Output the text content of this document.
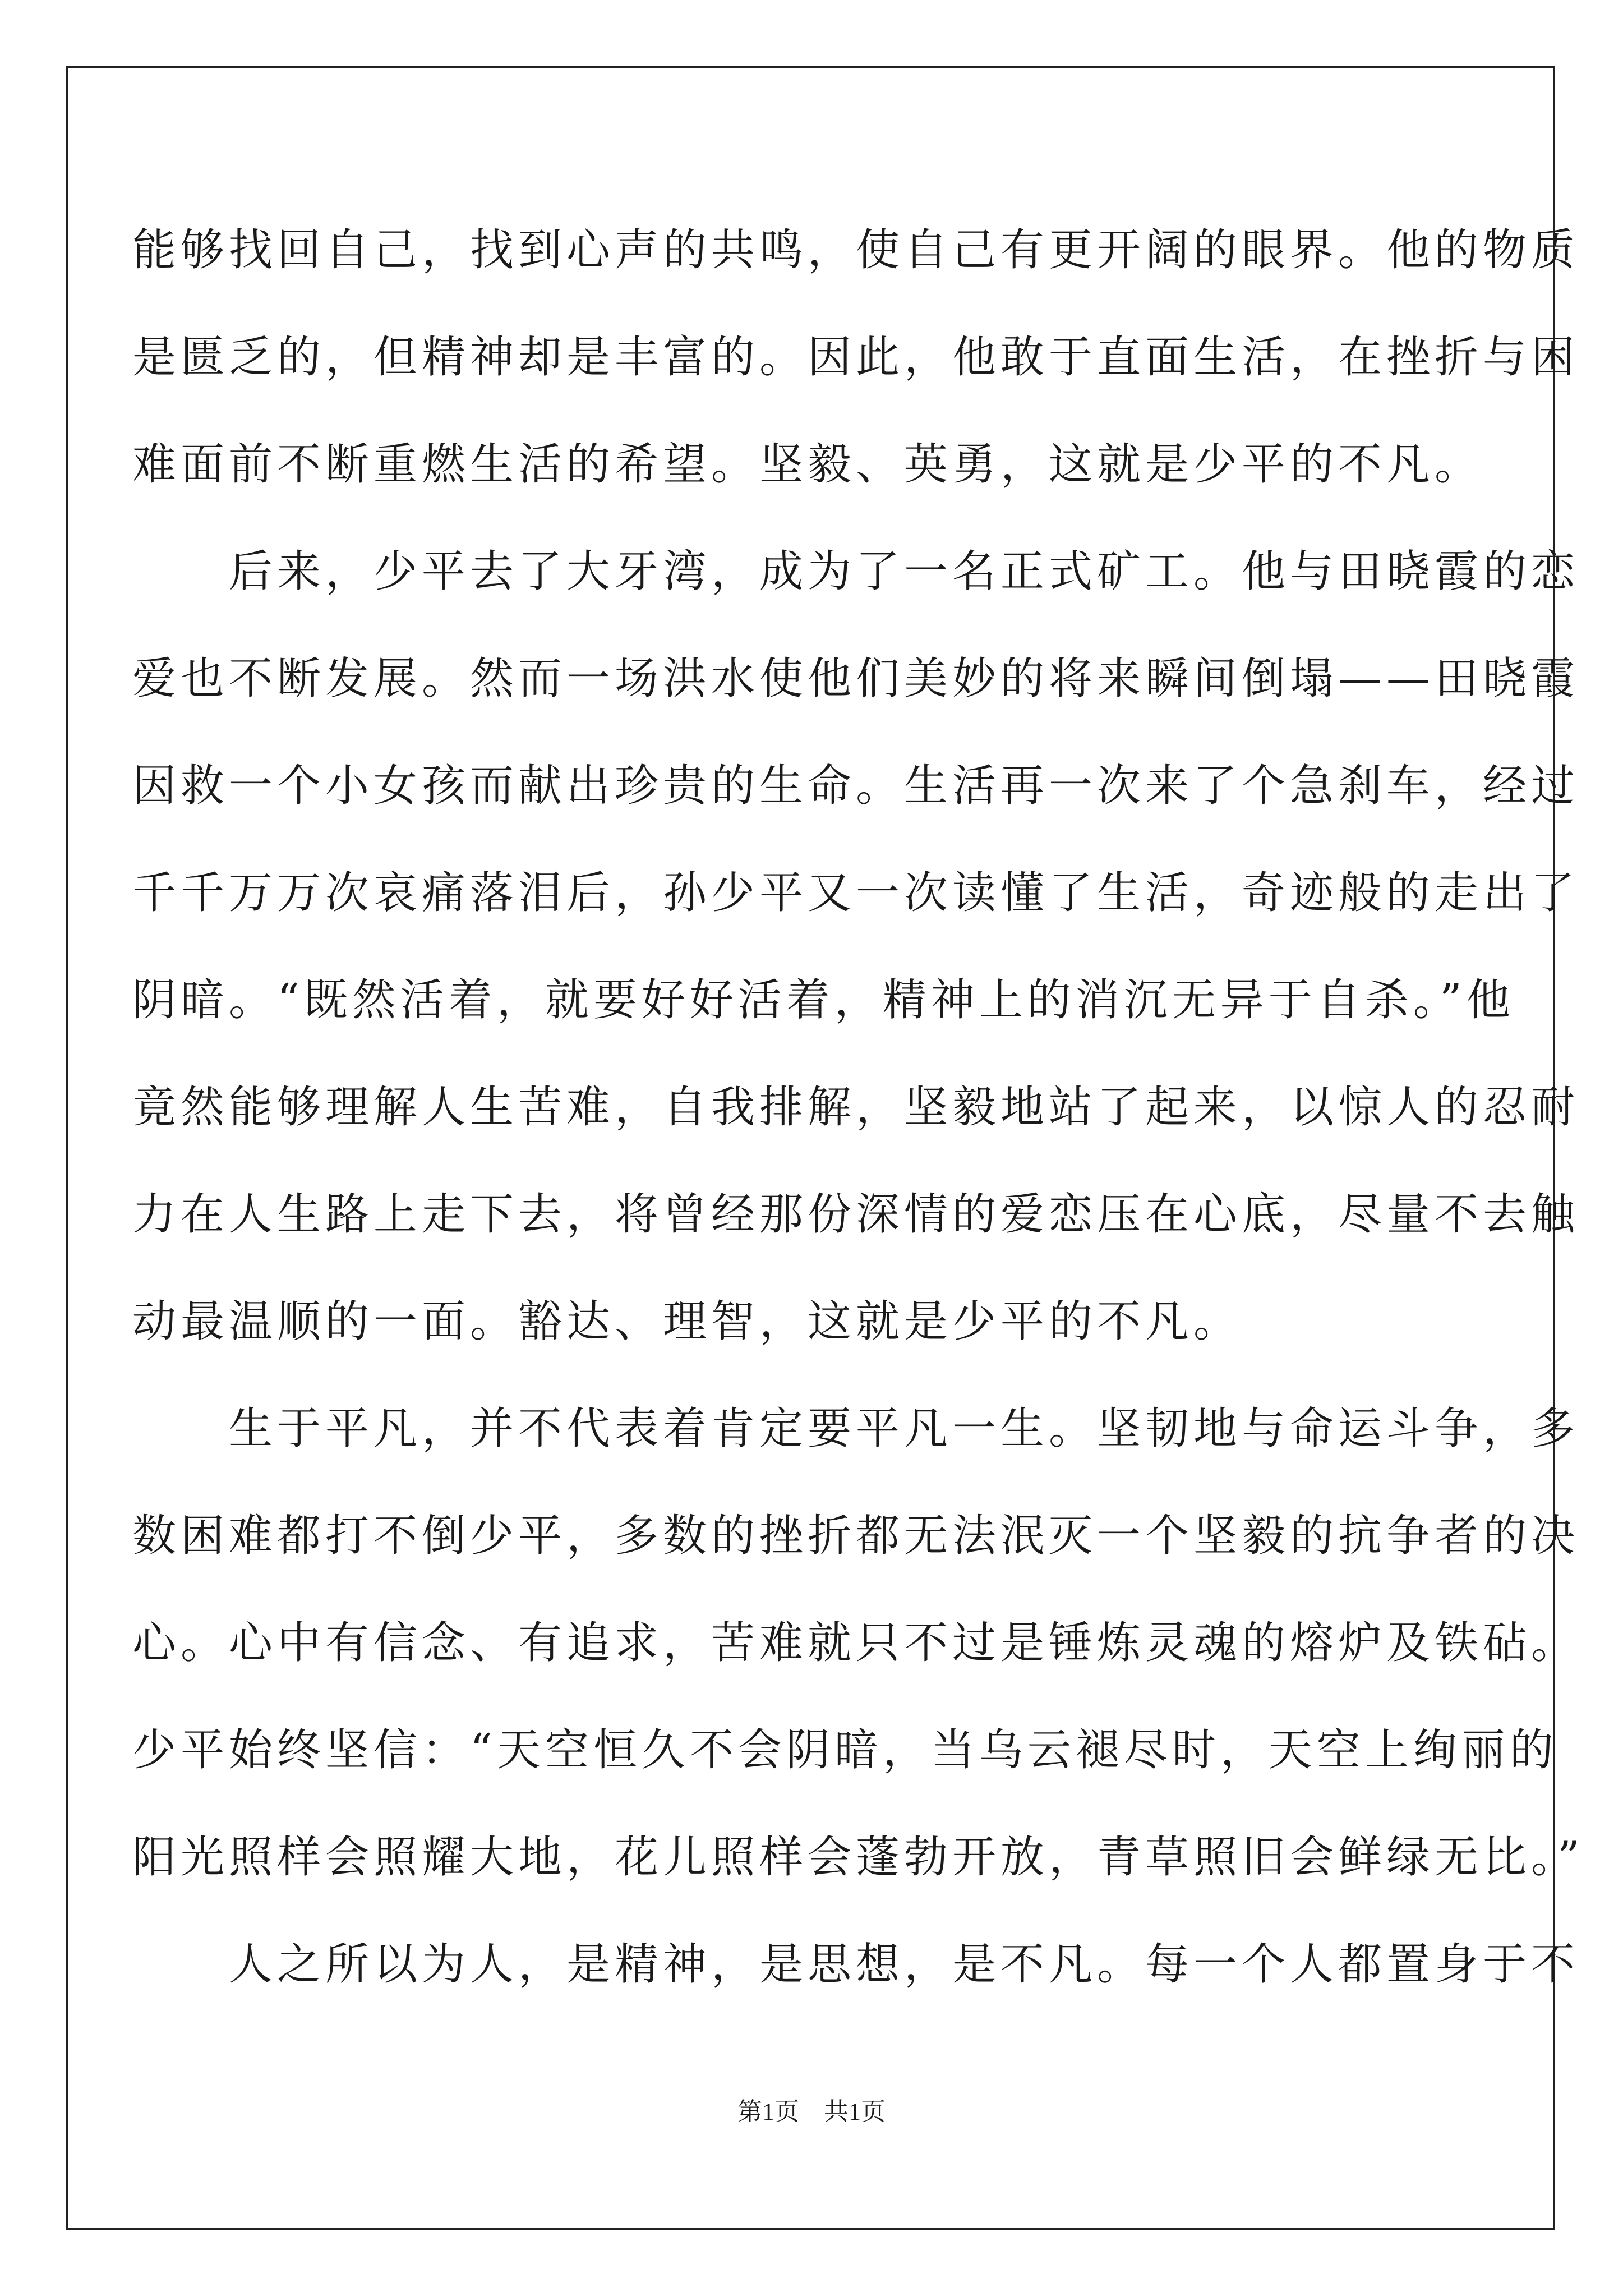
能够找回自己，找到心声的共鸣，使自己有更开阔的眼界。他的物质
是匮乏的，但精神却是丰富的。因此，他敢于直面生活，在挫折与困
难面前不断重燃生活的希望。坚毅、英勇，这就是少平的不凡。
　　后来，少平去了大牙湾，成为了一名正式矿工。他与田晓霞的恋
爱也不断发展。然而一场洪水使他们美妙的将来瞬间倒塌——田晓霞
因救一个小女孩而献出珍贵的生命。生活再一次来了个急刹车，经过
千千万万次哀痛落泪后，孙少平又一次读懂了生活，奇迹般的走出了
阴暗。“既然活着，就要好好活着，精神上的消沉无异于自杀。”他
竟然能够理解人生苦难，自我排解，坚毅地站了起来，以惊人的忍耐
力在人生路上走下去，将曾经那份深情的爱恋压在心底，尽量不去触
动最温顺的一面。豁达、理智，这就是少平的不凡。
　　生于平凡，并不代表着肯定要平凡一生。坚韧地与命运斗争，多
数困难都打不倒少平，多数的挫折都无法泯灭一个坚毅的抗争者的决
心。心中有信念、有追求，苦难就只不过是锤炼灵魂的熔炉及铁砧。
少平始终坚信：“天空恒久不会阴暗，当乌云褪尽时，天空上绚丽的
阳光照样会照耀大地，花儿照样会蓬勃开放，青草照旧会鲜绿无比。”
　　人之所以为人，是精神，是思想，是不凡。每一个人都置身于不
第1页　共1页
